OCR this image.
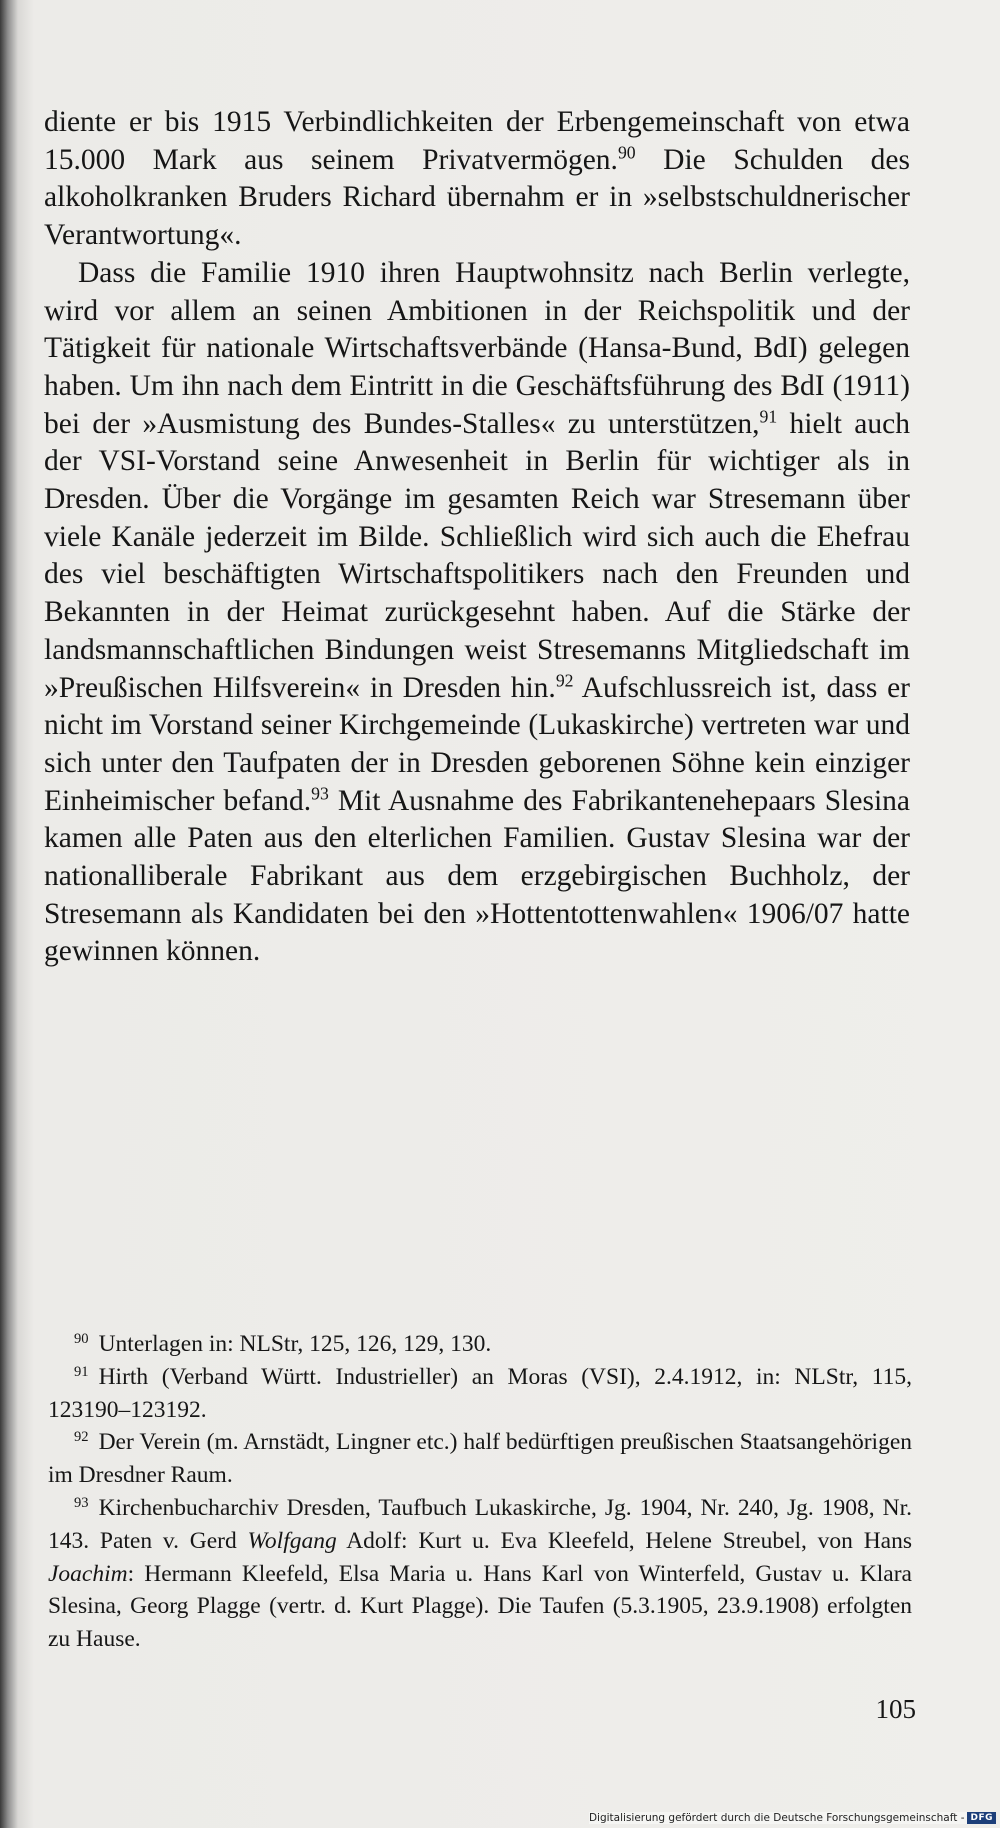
diente er bis 1915 Verbindlichkeiten der Erbengemeinschaft von etwa 15.000 Mark aus seinem Privatvermögen.$^{90}$ Die Schulden des alkoholkranken Bruders Richard übernahm er in »selbstschuldnerischer Verantwortung«.

Dass die Familie 1910 ihren Hauptwohnsitz nach Berlin verlegte, wird vor allem an seinen Ambitionen in der Reichspolitik und der Tätigkeit für nationale Wirtschaftsverbände (Hansa-Bund, BdI) gelegen haben. Um ihn nach dem Eintritt in die Geschäftsführung des BdI (1911) bei der »Ausmistung des Bundes-Stalles« zu unterstützen,$^{91}$ hielt auch der VSI-Vorstand seine Anwesenheit in Berlin für wichtiger als in Dresden. Über die Vorgänge im gesamten Reich war Stresemann über viele Kanäle jederzeit im Bilde. Schließlich wird sich auch die Ehefrau des viel beschäftigten Wirtschaftspolitikers nach den Freunden und Bekannten in der Heimat zurückgesehnt haben. Auf die Stärke der landsmannschaftlichen Bindungen weist Stresemanns Mitgliedschaft im »Preußischen Hilfsverein« in Dresden hin.$^{92}$ Aufschlussreich ist, dass er nicht im Vorstand seiner Kirchgemeinde (Lukaskirche) vertreten war und sich unter den Taufpaten der in Dresden geborenen Söhne kein einziger Einheimischer befand.$^{93}$ Mit Ausnahme des Fabrikantenehepaars Slesina kamen alle Paten aus den elterlichen Familien. Gustav Slesina war der nationalliberale Fabrikant aus dem erzgebirgischen Buchholz, der Stresemann als Kandidaten bei den »Hottentottenwahlen« 1906/07 hatte gewinnen können.

$^{90}$ Unterlagen in: NLStr, 125, 126, 129, 130.

$^{91}$ Hirth (Verband Württ. Industrieller) an Moras (VSI), 2.4.1912, in: NLStr, 115, 123190–123192.

$^{92}$ Der Verein (m. Arnstädt, Lingner etc.) half bedürftigen preußischen Staatsangehörigen im Dresdner Raum.

$^{93}$ Kirchenbucharchiv Dresden, Taufbuch Lukaskirche, Jg. 1904, Nr. 240, Jg. 1908, Nr. 143. Paten v. Gerd Wolfgang Adolf: Kurt u. Eva Kleefeld, Helene Streubel, von Hans Joachim: Hermann Kleefeld, Elsa Maria u. Hans Karl von Winterfeld, Gustav u. Klara Slesina, Georg Plagge (vertr. d. Kurt Plagge). Die Taufen (5.3.1905, 23.9.1908) erfolgten zu Hause.

105
Digitalisierung gefördert durch die Deutsche Forschungsgemeinschaft - DFG
